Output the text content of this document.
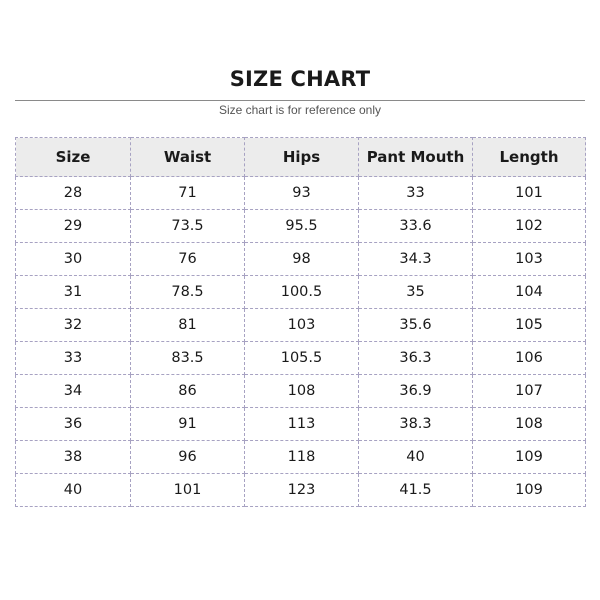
SIZE CHART
Size chart is for reference only
Size	Waist	Hips	Pant Mouth	Length
28	71	93	33	101
29	73.5	95.5	33.6	102
30	76	98	34.3	103
31	78.5	100.5	35	104
32	81	103	35.6	105
33	83.5	105.5	36.3	106
34	86	108	36.9	107
36	91	113	38.3	108
38	96	118	40	109
40	101	123	41.5	109
